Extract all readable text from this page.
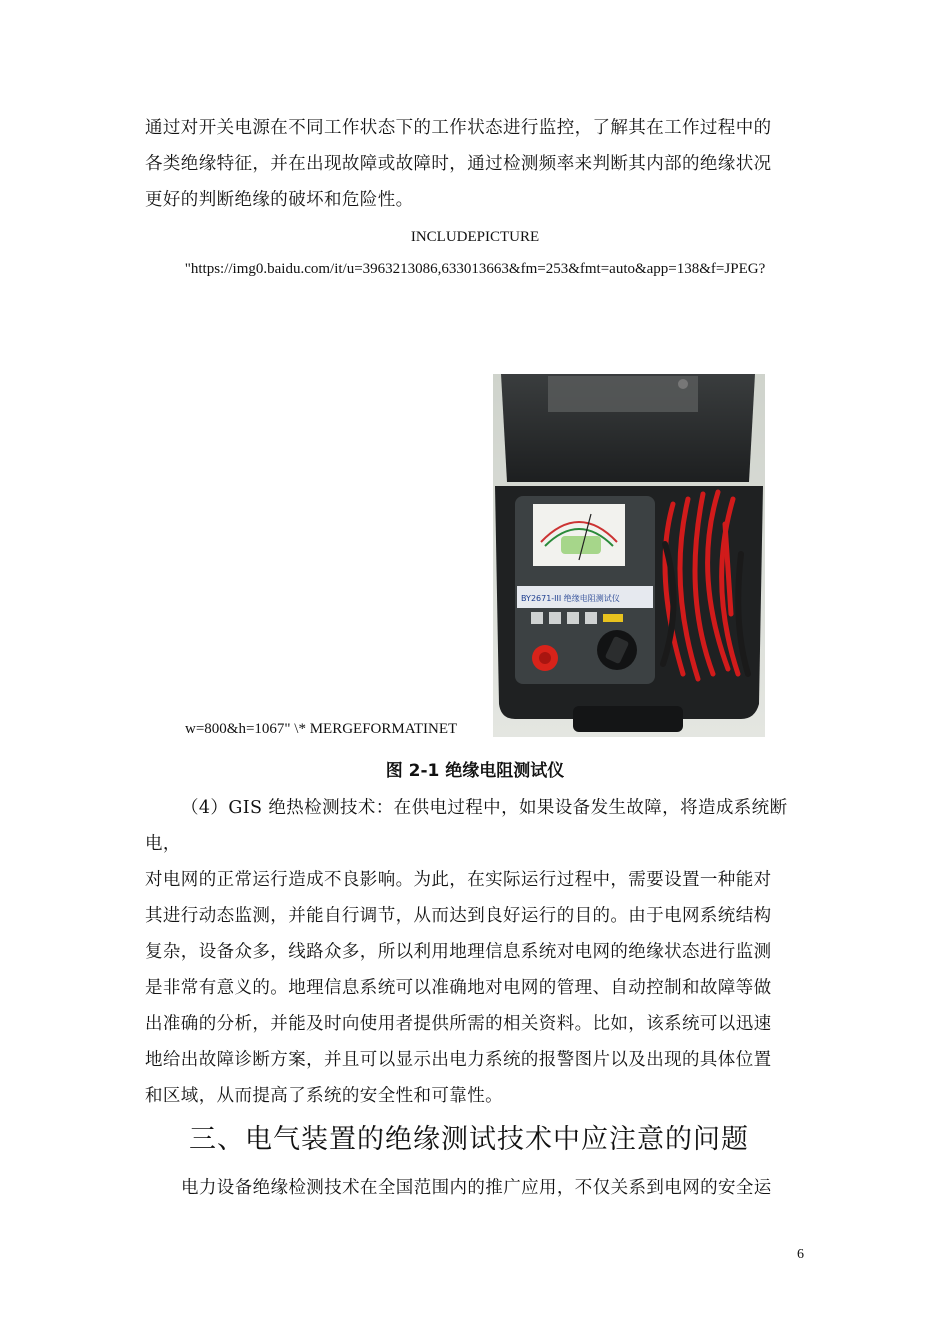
通过对开关电源在不同工作状态下的工作状态进行监控，了解其在工作过程中的

各类绝缘特征，并在出现故障或故障时，通过检测频率来判断其内部的绝缘状况

更好的判断绝缘的破坏和危险性。

INCLUDEPICTURE
"https://img0.baidu.com/it/u=3963213086,633013663&fm=253&fmt=auto&app=138&f=JPEG?
w=800&h=1067" \* MERGEFORMATINET
BY2671-III 绝缘电阻测试仪
图 2-1 绝缘电阻测试仪

（4）GIS 绝热检测技术：在供电过程中，如果设备发生故障，将造成系统断电，

对电网的正常运行造成不良影响。为此，在实际运行过程中，需要设置一种能对

其进行动态监测，并能自行调节，从而达到良好运行的目的。由于电网系统结构

复杂，设备众多，线路众多，所以利用地理信息系统对电网的绝缘状态进行监测

是非常有意义的。地理信息系统可以准确地对电网的管理、自动控制和故障等做

出准确的分析，并能及时向使用者提供所需的相关资料。比如，该系统可以迅速

地给出故障诊断方案，并且可以显示出电力系统的报警图片以及出现的具体位置

和区域，从而提高了系统的安全性和可靠性。

三、电气装置的绝缘测试技术中应注意的问题

电力设备绝缘检测技术在全国范围内的推广应用，不仅关系到电网的安全运

6
